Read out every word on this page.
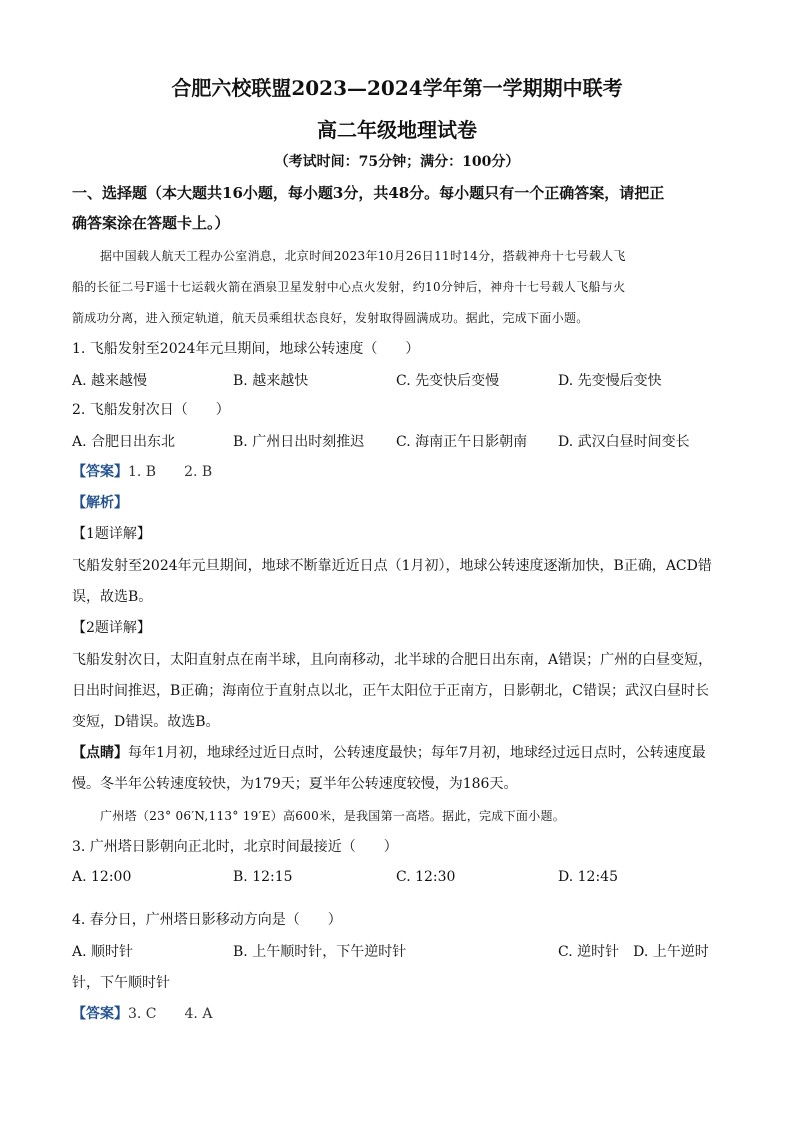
合肥六校联盟2023—2024学年第一学期期中联考
高二年级地理试卷
（考试时间：75分钟；满分：100分）
一、选择题（本大题共16小题，每小题3分，共48分。每小题只有一个正确答案，请把正
确答案涂在答题卡上。）
据中国载人航天工程办公室消息，北京时间2023年10月26日11时14分，搭载神舟十七号载人飞
船的长征二号F遥十七运载火箭在酒泉卫星发射中心点火发射，约10分钟后，神舟十七号载人飞船与火
箭成功分离，进入预定轨道，航天员乘组状态良好，发射取得圆满成功。据此，完成下面小题。
1. 飞船发射至2024年元旦期间，地球公转速度（　　）
A. 越来越慢	B. 越来越快	C. 先变快后变慢	D. 先变慢后变快
2. 飞船发射次日（　　）
A. 合肥日出东北	B. 广州日出时刻推迟 C. 海南正午日影朝南 D. 武汉白昼时间变长
【答案】1. B　　2. B
【解析】
【1题详解】
飞船发射至2024年元旦期间，地球不断靠近近日点（1月初），地球公转速度逐渐加快，B正确，ACD错
误，故选B。
【2题详解】
飞船发射次日，太阳直射点在南半球，且向南移动，北半球的合肥日出东南，A错误；广州的白昼变短，
日出时间推迟，B正确；海南位于直射点以北，正午太阳位于正南方，日影朝北，C错误；武汉白昼时长
变短，D错误。故选B。
【点睛】每年1月初，地球经过近日点时，公转速度最快；每年7月初，地球经过远日点时，公转速度最
慢。冬半年公转速度较快，为179天；夏半年公转速度较慢，为186天。
广州塔（23° 06′N,113° 19′E）高600米，是我国第一高塔。据此，完成下面小题。
3. 广州塔日影朝向正北时，北京时间最接近（　　）
A. 12:00	B. 12:15	C. 12:30	D. 12:45
4. 春分日，广州塔日影移动方向是（　　）
A. 顺时针	B. 上午顺时针，下午逆时针	C. 逆时针　D. 上午逆时
针，下午顺时针
【答案】3. C　　4. A
